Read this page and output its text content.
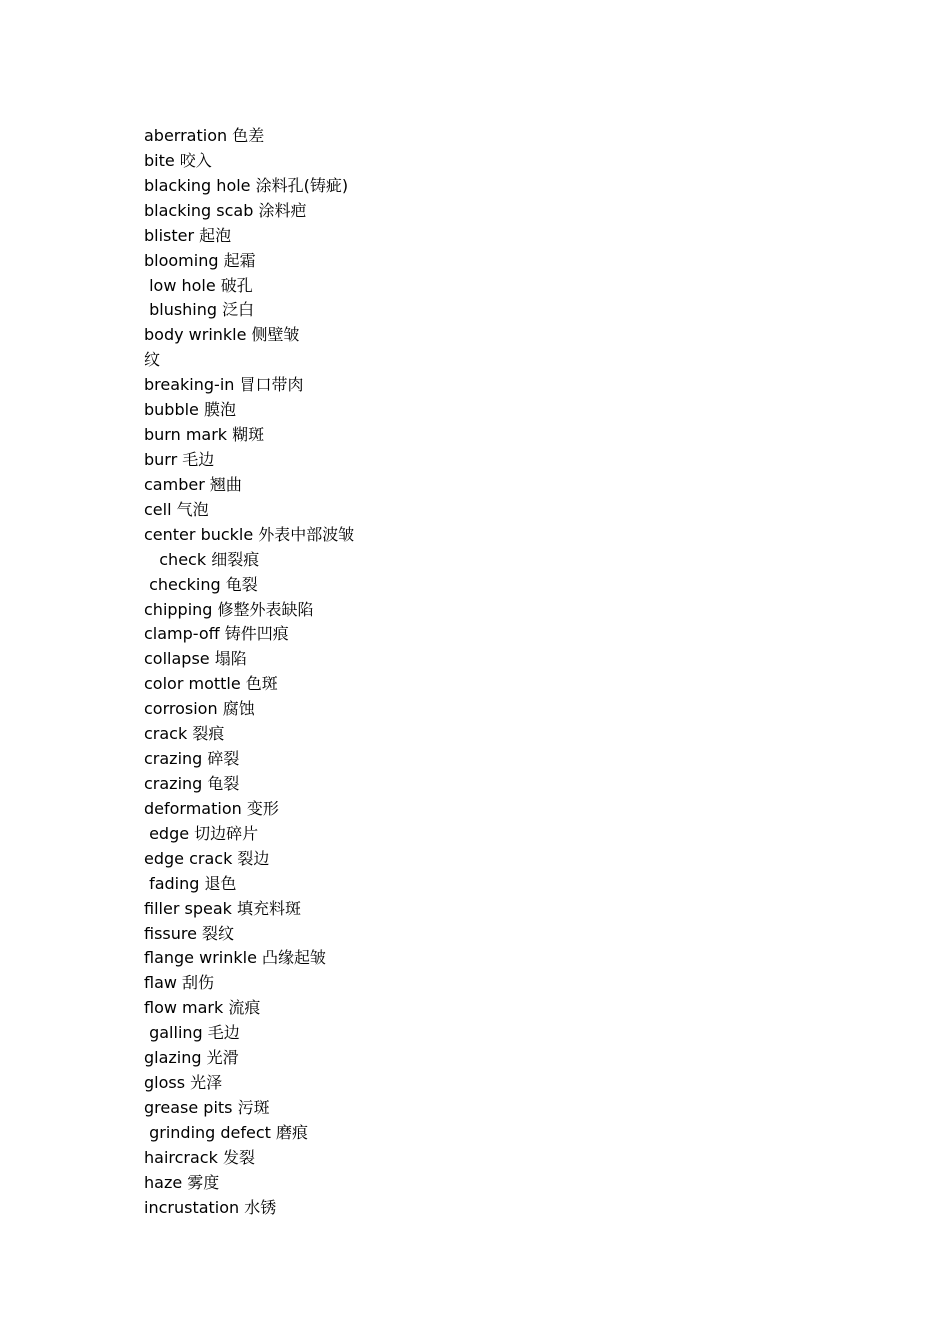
aberration 色差
bite 咬入
blacking hole 涂料孔(铸疵)
blacking scab 涂料疤
blister 起泡
blooming 起霜
low hole 破孔
blushing 泛白
body wrinkle 侧壁皱
纹
breaking-in 冒口带肉
bubble 膜泡
burn mark 糊斑
burr 毛边
camber 翘曲
cell 气泡
center buckle 外表中部波皱
check 细裂痕
checking 龟裂
chipping 修整外表缺陷
clamp-off 铸件凹痕
collapse 塌陷
color mottle 色斑
corrosion 腐蚀
crack 裂痕
crazing 碎裂
crazing 龟裂
deformation 变形
edge 切边碎片
edge crack 裂边
fading 退色
filler speak 填充料斑
fissure 裂纹
flange wrinkle 凸缘起皱
flaw 刮伤
flow mark 流痕
galling 毛边
glazing 光滑
gloss 光泽
grease pits 污斑
grinding defect 磨痕
haircrack 发裂
haze 雾度
incrustation 水锈
